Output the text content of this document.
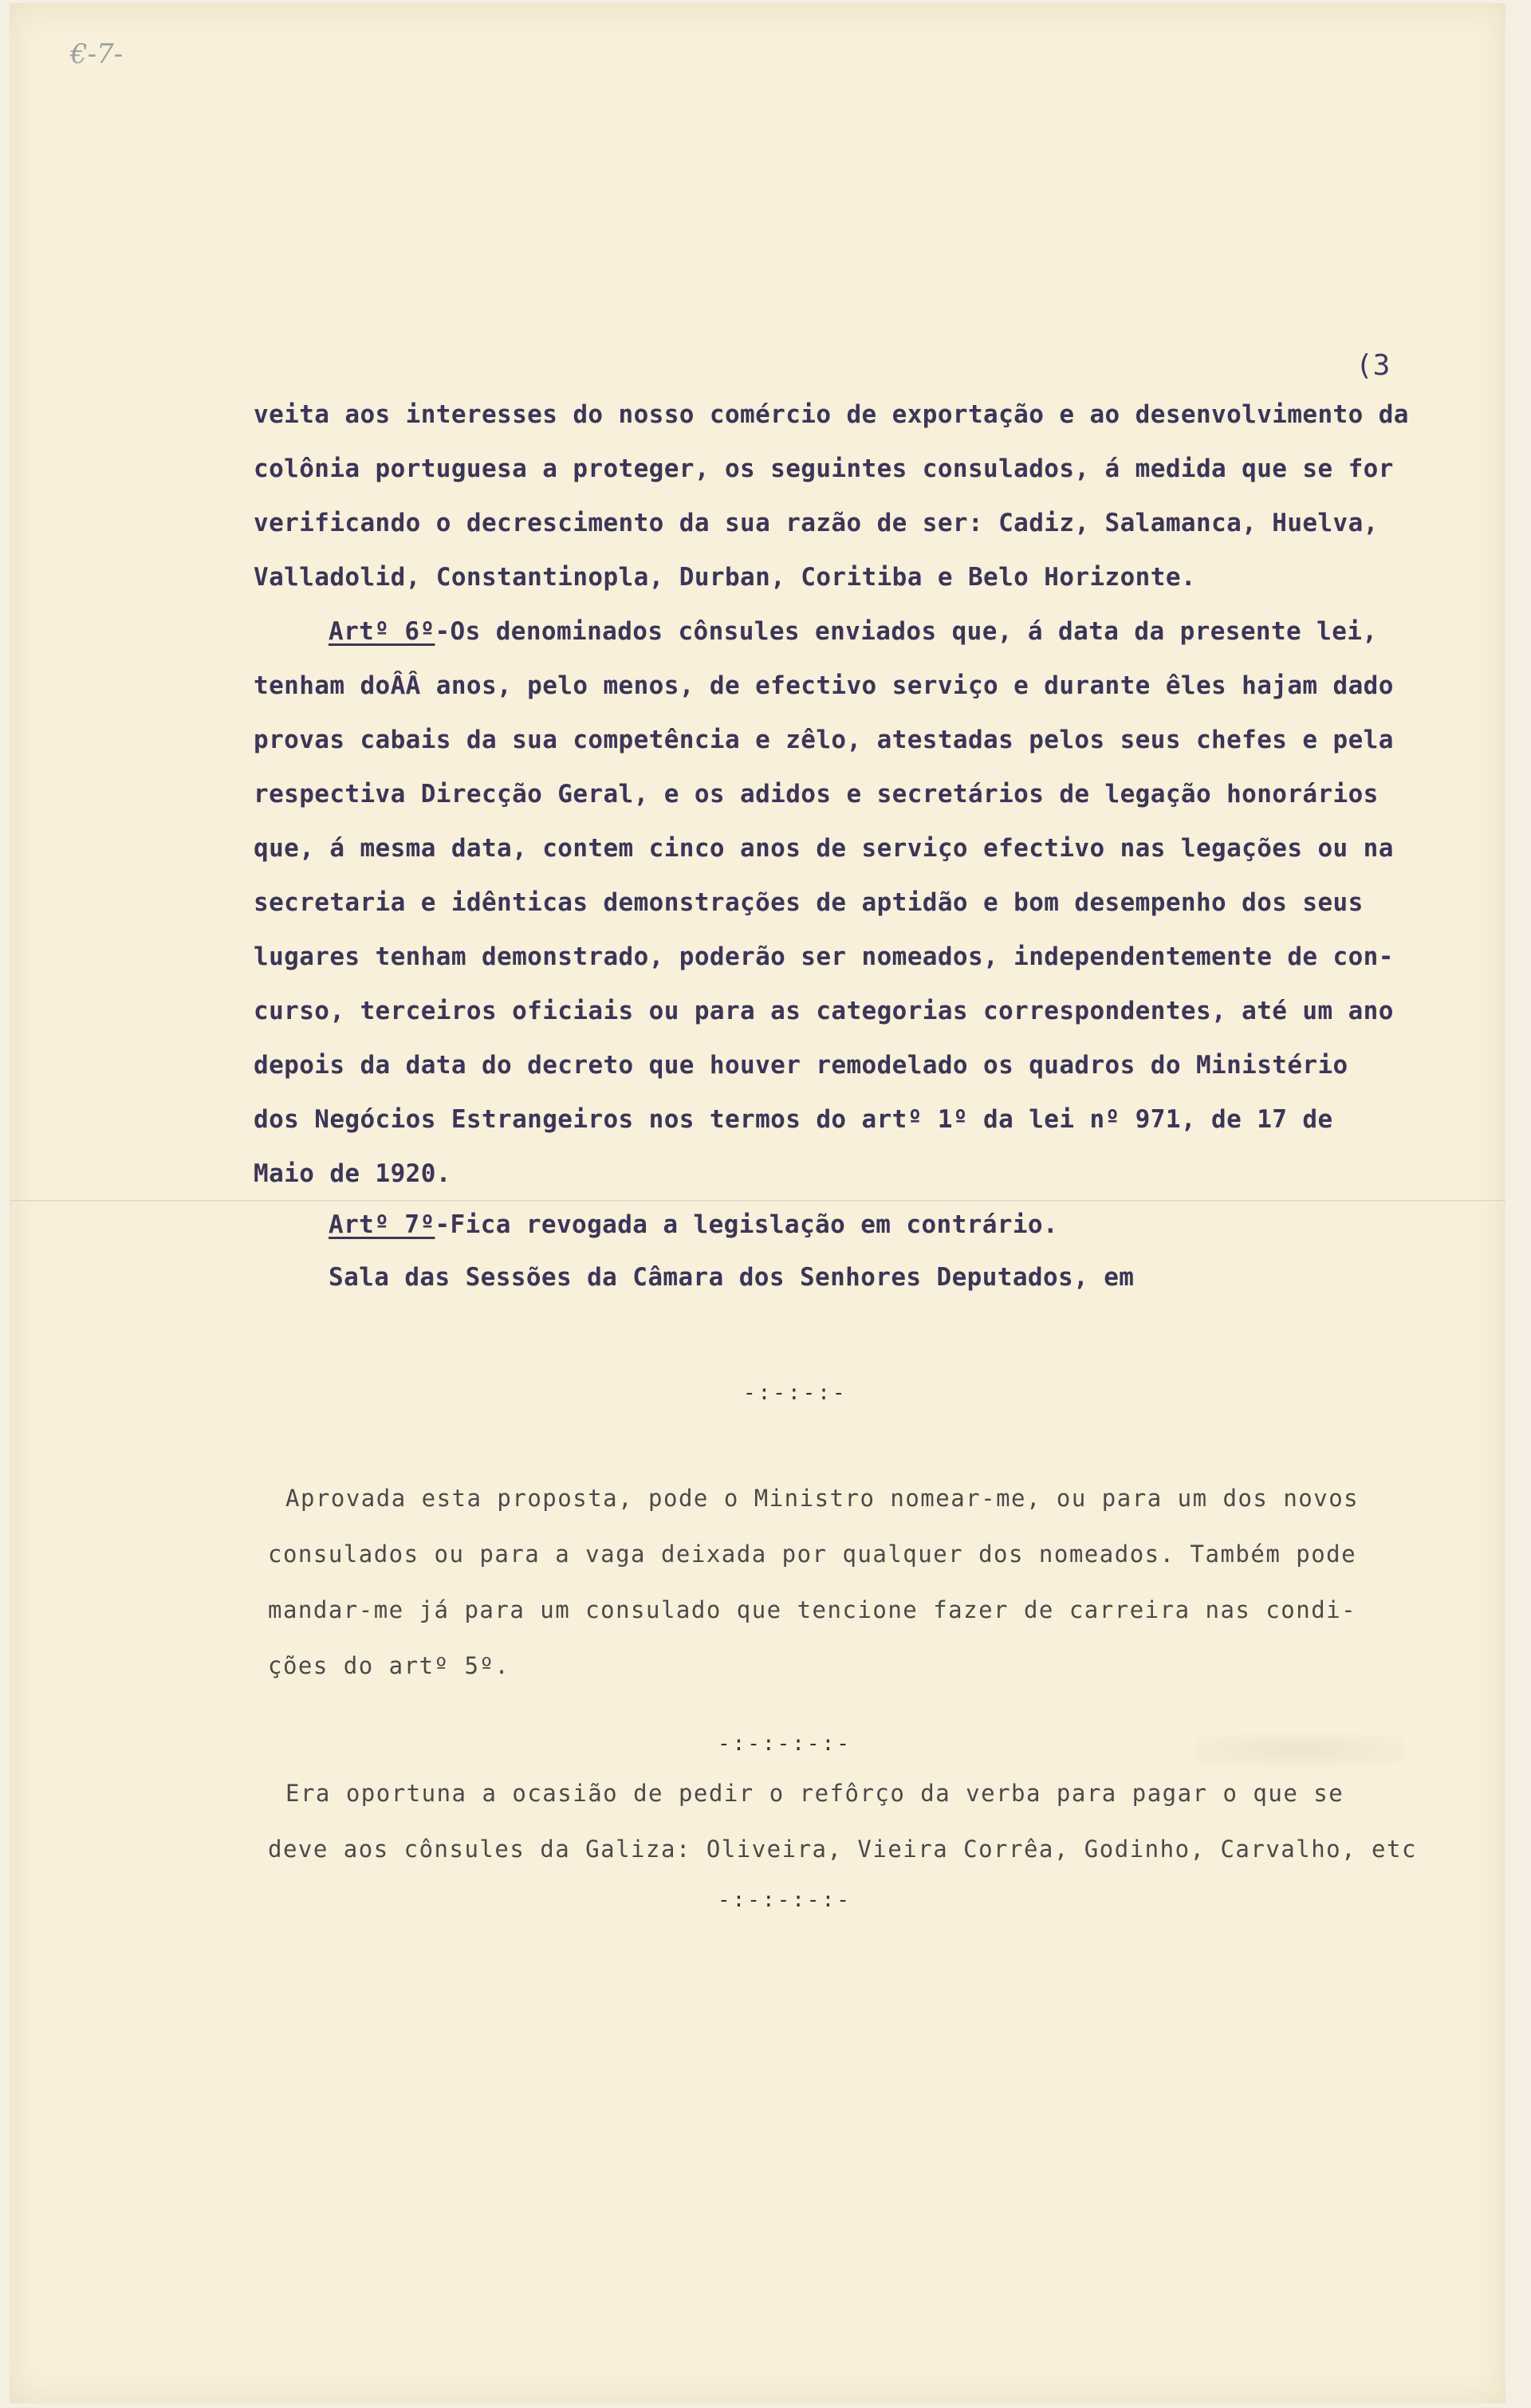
€‑7‑
(3
veita aos interesses do nosso comércio de exportação e ao desenvolvimento da
colônia portuguesa a proteger, os seguintes consulados, á medida que se for
verificando o decrescimento da sua razão de ser: Cadiz, Salamanca, Huelva,
Valladolid, Constantinopla, Durban, Coritiba e Belo Horizonte.
Artº 6º-Os denominados cônsules enviados que, á data da presente lei,
tenham doÂÂ anos, pelo menos, de efectivo serviço e durante êles hajam dado
provas cabais da sua competência e zêlo, atestadas pelos seus chefes e pela
respectiva Direcção Geral, e os adidos e secretários de legação honorários
que, á mesma data, contem cinco anos de serviço efectivo nas legações ou na
secretaria e idênticas demonstrações de aptidão e bom desempenho dos seus
lugares tenham demonstrado, poderão ser nomeados, independentemente de con-
curso, terceiros oficiais ou para as categorias correspondentes, até um ano
depois da data do decreto que houver remodelado os quadros do Ministério
dos Negócios Estrangeiros nos termos do artº 1º da lei nº 971, de 17 de
Maio de 1920.
Artº 7º-Fica revogada a legislação em contrário.
Sala das Sessões da Câmara dos Senhores Deputados, em
-:-:-:-
Aprovada esta proposta, pode o Ministro nomear-me, ou para um dos novos
consulados ou para a vaga deixada por qualquer dos nomeados. Também pode
mandar-me já para um consulado que tencione fazer de carreira nas condi-
ções do artº 5º.
-:-:-:-:-
Era oportuna a ocasião de pedir o refôrço da verba para pagar o que se
deve aos cônsules da Galiza: Oliveira, Vieira Corrêa, Godinho, Carvalho, etc
-:-:-:-:-
